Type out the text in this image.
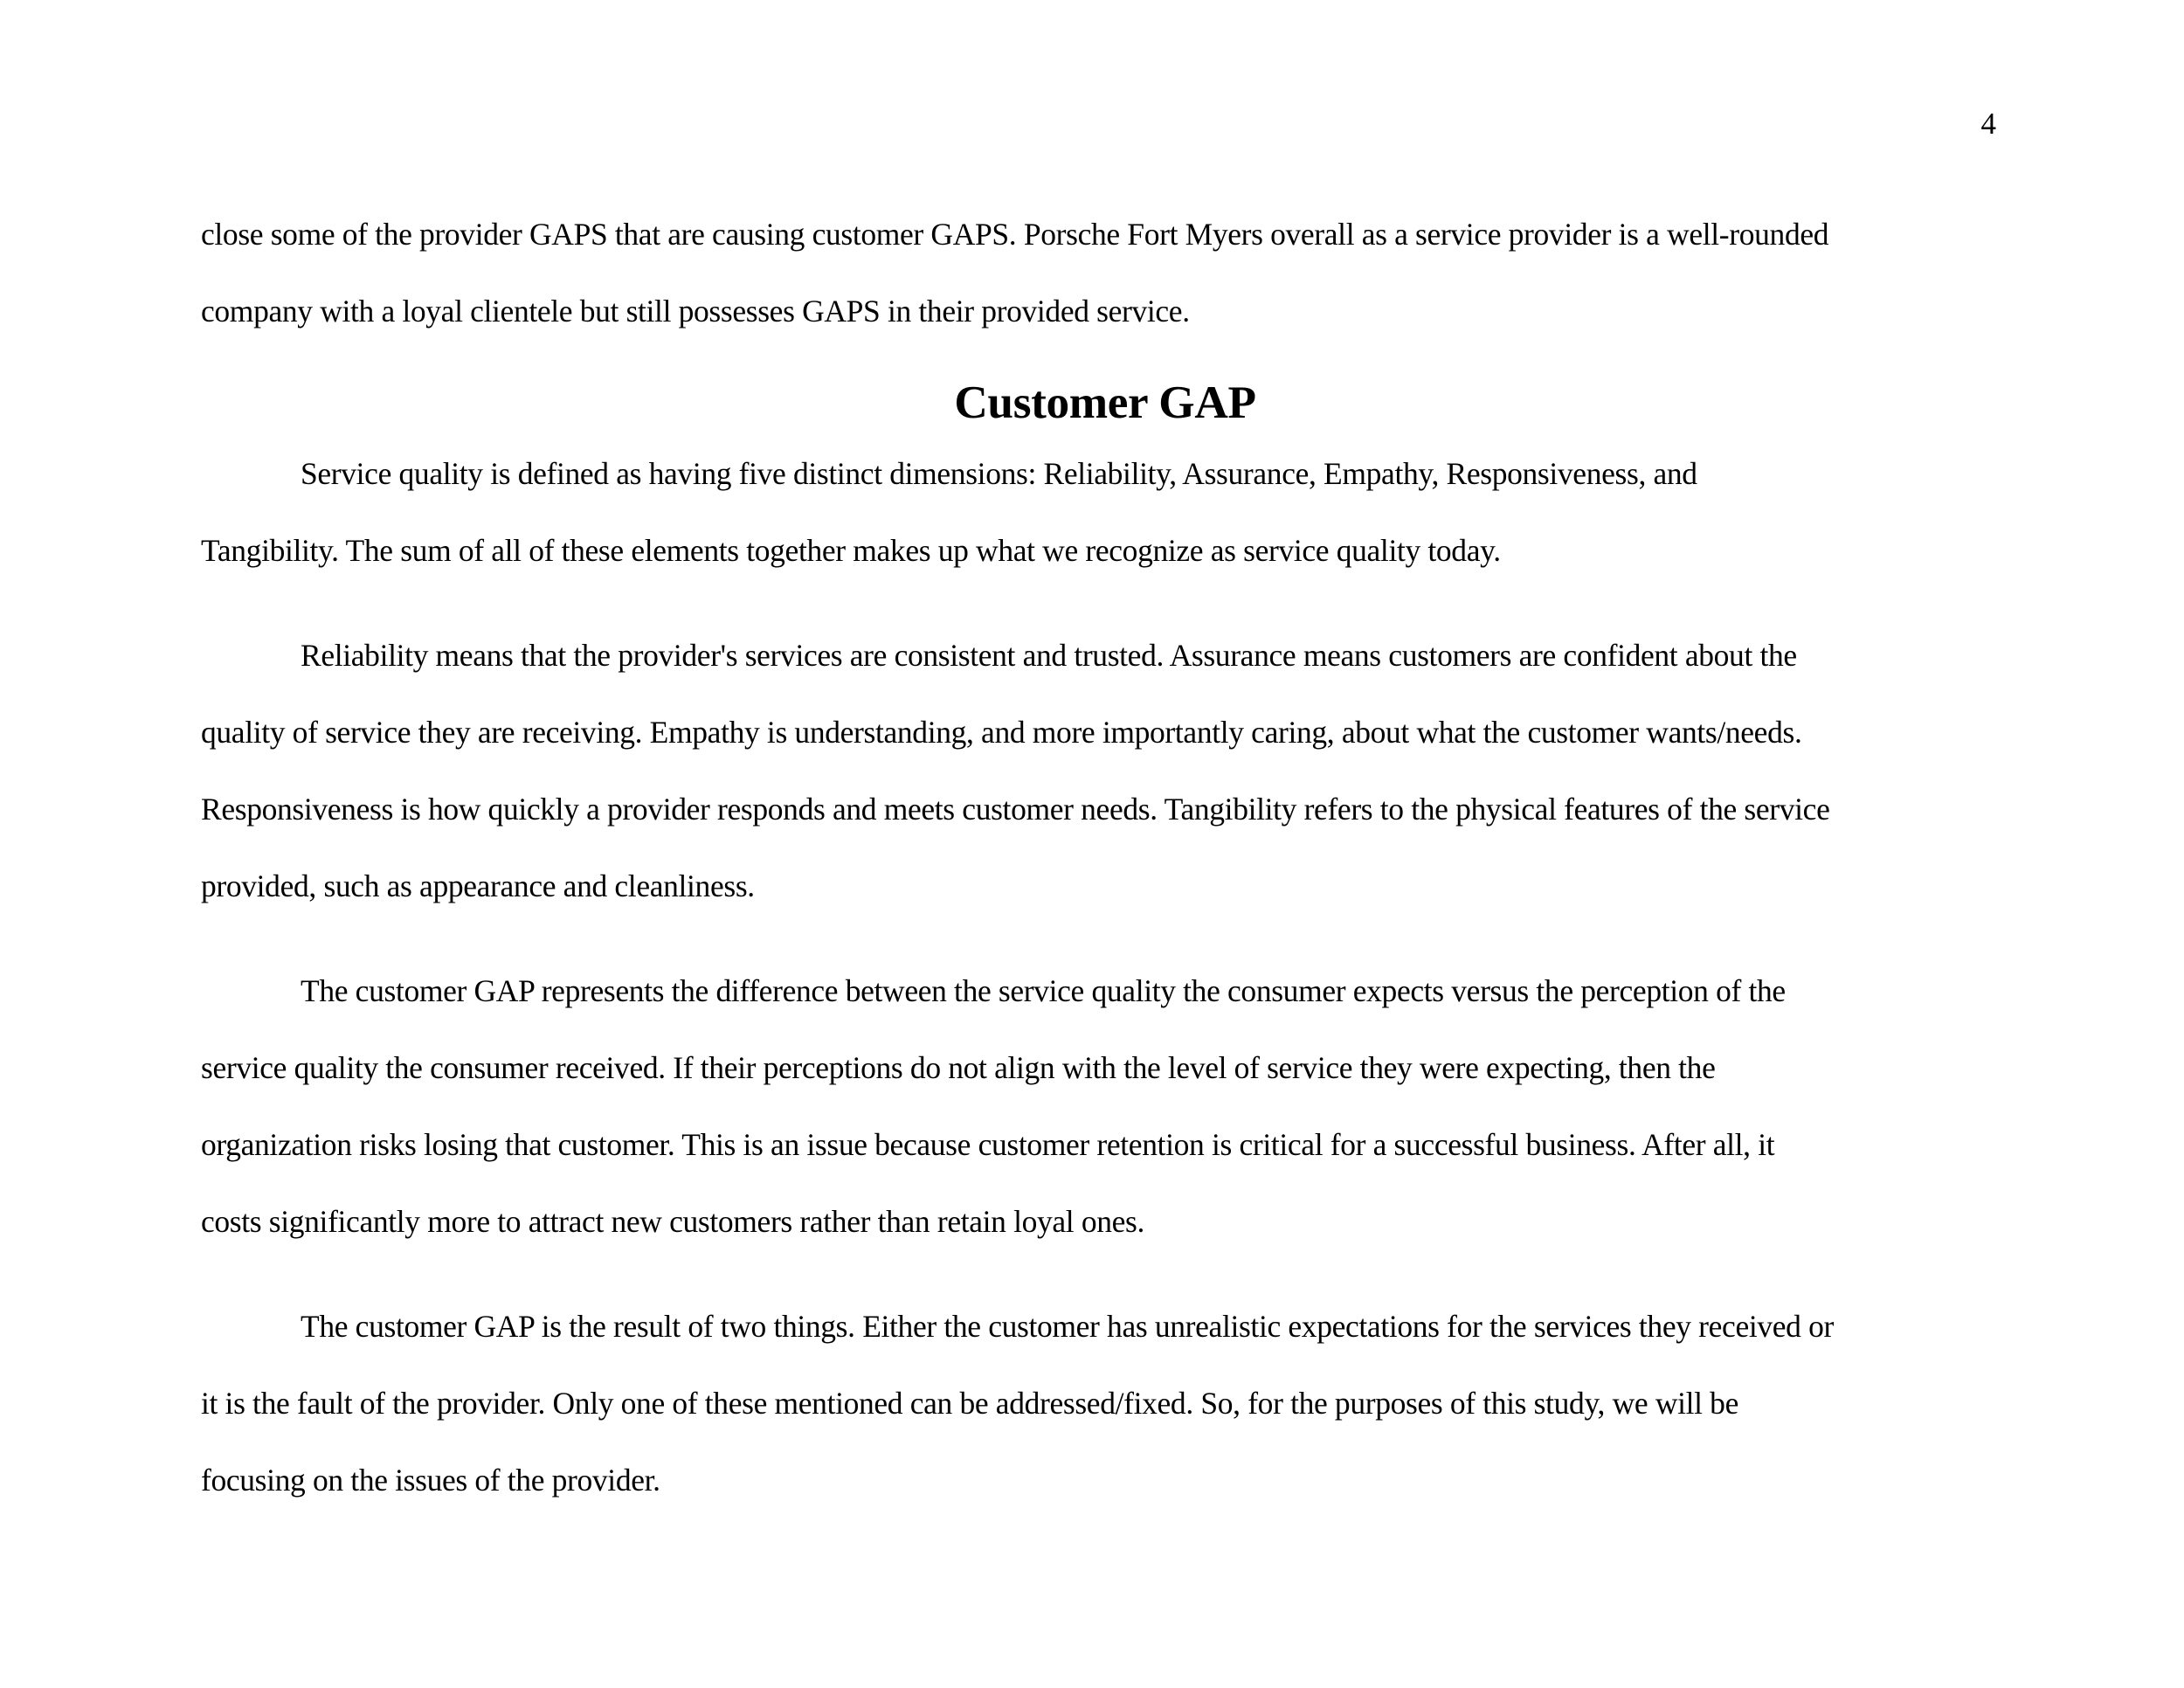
4

close some of the provider GAPS that are causing customer GAPS. Porsche Fort Myers overall as a service provider is a well-rounded
company with a loyal clientele but still possesses GAPS in their provided service.

Customer GAP

Service quality is defined as having five distinct dimensions: Reliability, Assurance, Empathy, Responsiveness, and
Tangibility. The sum of all of these elements together makes up what we recognize as service quality today.

Reliability means that the provider's services are consistent and trusted. Assurance means customers are confident about the
quality of service they are receiving. Empathy is understanding, and more importantly caring, about what the customer wants/needs.
Responsiveness is how quickly a provider responds and meets customer needs. Tangibility refers to the physical features of the service
provided, such as appearance and cleanliness.

The customer GAP represents the difference between the service quality the consumer expects versus the perception of the
service quality the consumer received. If their perceptions do not align with the level of service they were expecting, then the
organization risks losing that customer. This is an issue because customer retention is critical for a successful business. After all, it
costs significantly more to attract new customers rather than retain loyal ones.

The customer GAP is the result of two things. Either the customer has unrealistic expectations for the services they received or
it is the fault of the provider. Only one of these mentioned can be addressed/fixed. So, for the purposes of this study, we will be
focusing on the issues of the provider.
